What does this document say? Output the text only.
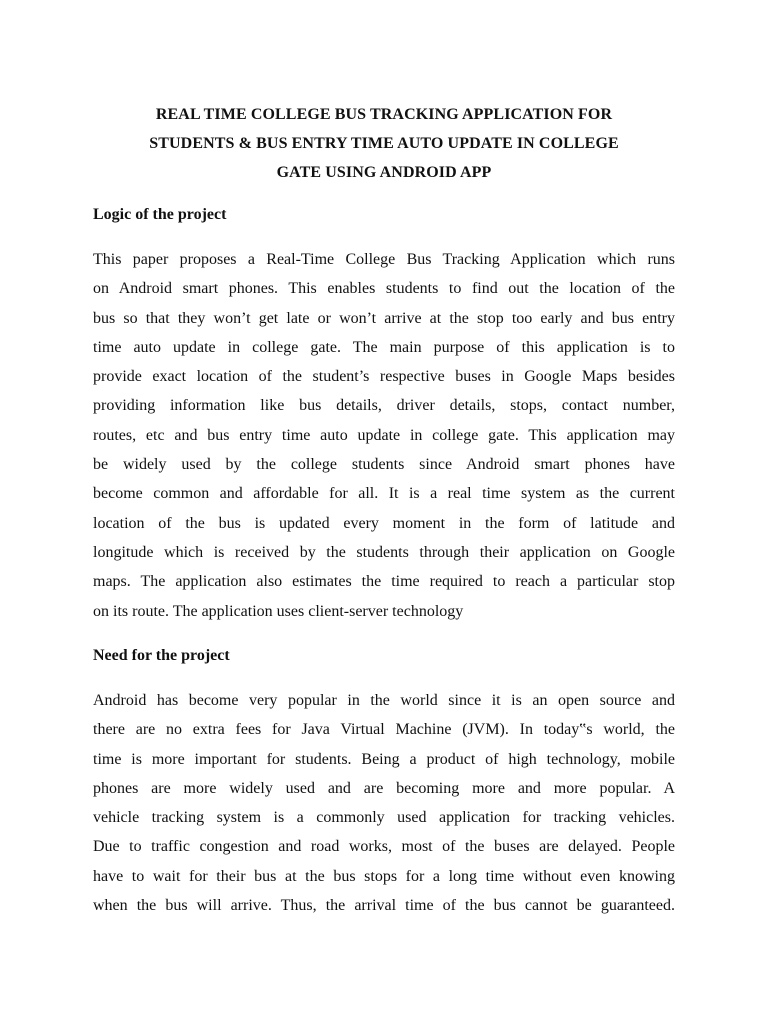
REAL TIME COLLEGE BUS TRACKING APPLICATION FOR
STUDENTS & BUS ENTRY TIME AUTO UPDATE IN COLLEGE
GATE USING ANDROID APP
Logic of the project

This paper proposes a Real-Time College Bus Tracking Application which runs
on Android smart phones. This enables students to find out the location of the
bus so that they won’t get late or won’t arrive at the stop too early and bus entry
time auto update in college gate. The main purpose of this application is to
provide exact location of the student’s respective buses in Google Maps besides
providing information like bus details, driver details, stops, contact number,
routes, etc and bus entry time auto update in college gate. This application may
be widely used by the college students since Android smart phones have
become common and affordable for all. It is a real time system as the current
location of the bus is updated every moment in the form of latitude and
longitude which is received by the students through their application on Google
maps. The application also estimates the time required to reach a particular stop
on its route. The application uses client-server technology

Need for the project

Android has become very popular in the world since it is an open source and
there are no extra fees for Java Virtual Machine (JVM). In today‟s world, the
time is more important for students. Being a product of high technology, mobile
phones are more widely used and are becoming more and more popular. A
vehicle tracking system is a commonly used application for tracking vehicles.
Due to traffic congestion and road works, most of the buses are delayed. People
have to wait for their bus at the bus stops for a long time without even knowing
when the bus will arrive. Thus, the arrival time of the bus cannot be guaranteed.
